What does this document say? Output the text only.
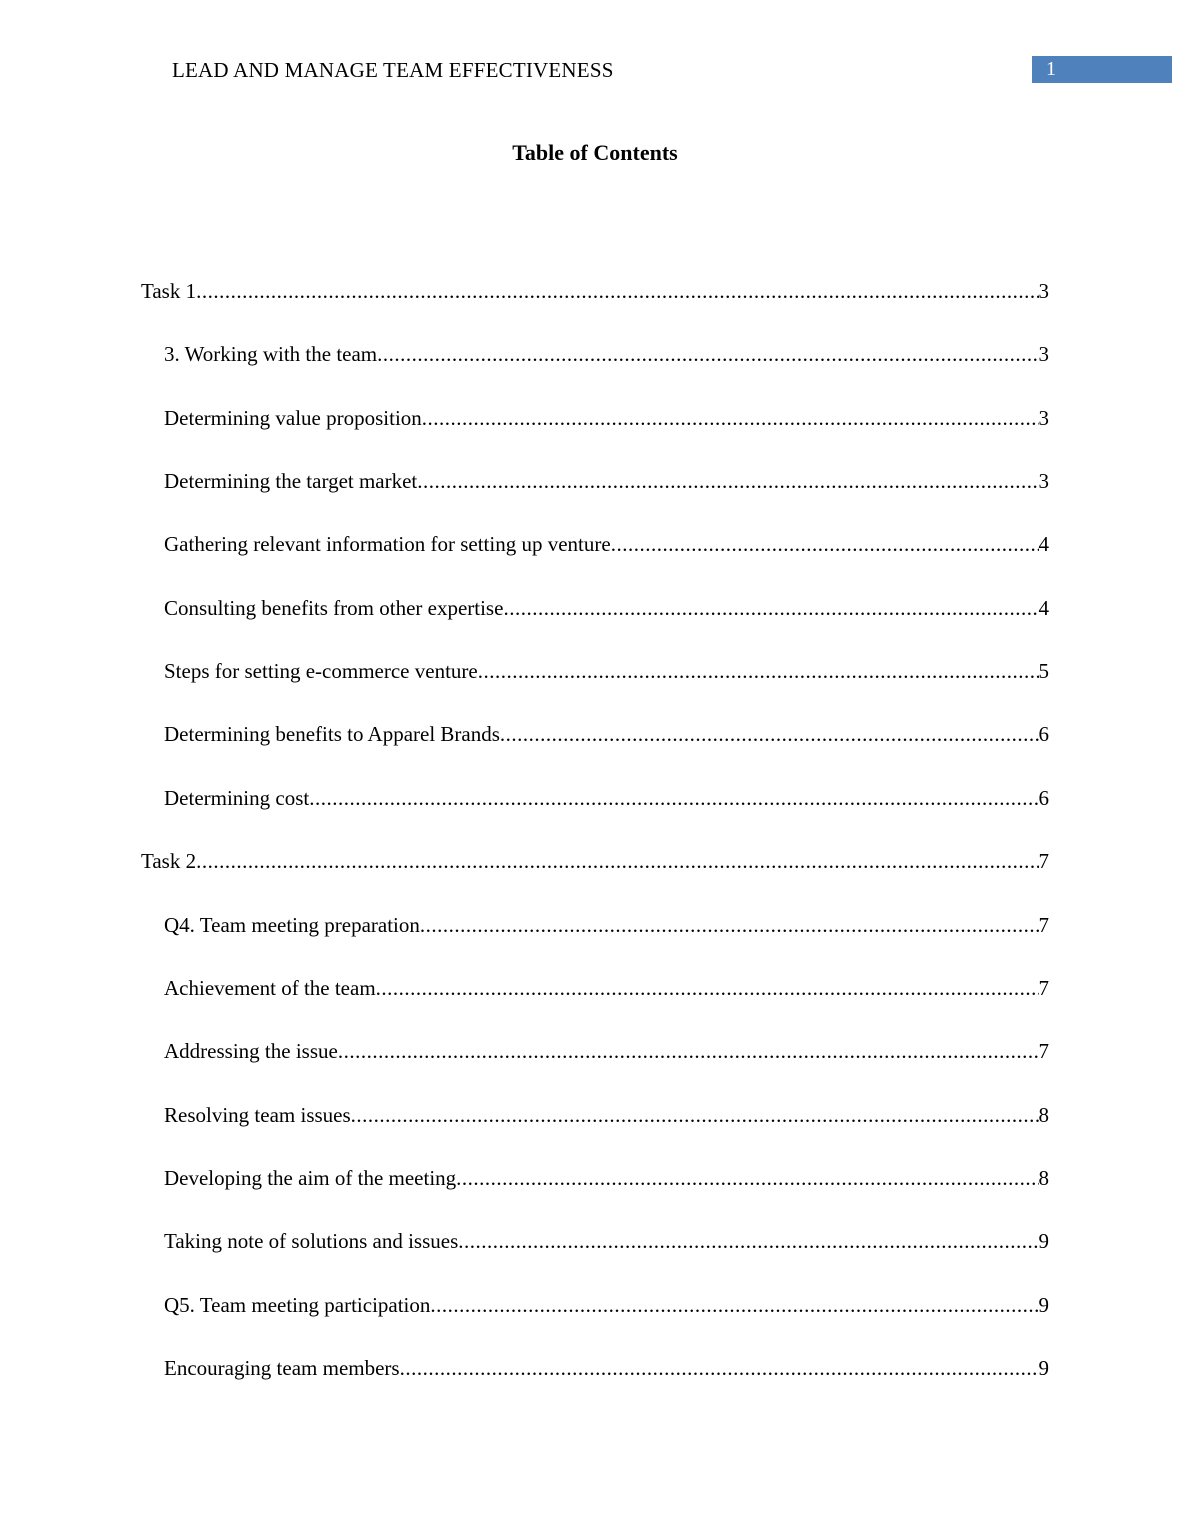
LEAD AND MANAGE TEAM EFFECTIVENESS	1
Table of Contents
Task 1 .....	3
3. Working with the team .....	3
Determining value proposition .....	3
Determining the target market .....	3
Gathering relevant information for setting up venture .....	4
Consulting benefits from other expertise .....	4
Steps for setting e-commerce venture .....	5
Determining benefits to Apparel Brands .....	6
Determining cost .....	6
Task 2 .....	7
Q4. Team meeting preparation .....	7
Achievement of the team .....	7
Addressing the issue .....	7
Resolving team issues .....	8
Developing the aim of the meeting .....	8
Taking note of solutions and issues .....	9
Q5. Team meeting participation .....	9
Encouraging team members .....	9
